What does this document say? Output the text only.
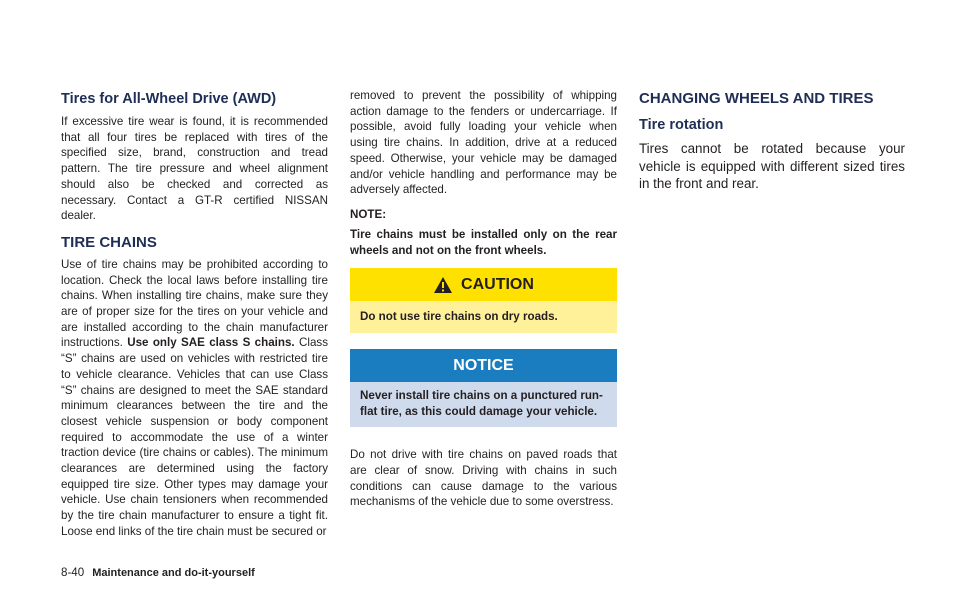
Tires for All-Wheel Drive (AWD)

If excessive tire wear is found, it is recommended that all four tires be replaced with tires of the specified size, brand, construction and tread pattern. The tire pressure and wheel alignment should also be checked and corrected as necessary. Contact a GT-R certified NISSAN dealer.

TIRE CHAINS

Use of tire chains may be prohibited according to location. Check the local laws before installing tire chains. When installing tire chains, make sure they are of proper size for the tires on your vehicle and are installed according to the chain manufacturer instructions. Use only SAE class S chains. Class “S” chains are used on vehicles with restricted tire to vehicle clearance. Vehicles that can use Class “S” chains are designed to meet the SAE standard minimum clearances between the tire and the closest vehicle suspension or body component required to accommodate the use of a winter traction device (tire chains or cables). The minimum clearances are determined using the factory equipped tire size. Other types may damage your vehicle. Use chain tensioners when recommended by the tire chain manufacturer to ensure a tight fit. Loose end links of the tire chain must be secured or

removed to prevent the possibility of whipping action damage to the fenders or undercarriage. If possible, avoid fully loading your vehicle when using tire chains. In addition, drive at a reduced speed. Otherwise, your vehicle may be damaged and/or vehicle handling and performance may be adversely affected.

NOTE:

Tire chains must be installed only on the rear wheels and not on the front wheels.

CAUTION
Do not use tire chains on dry roads.
NOTICE
Never install tire chains on a punctured run-flat tire, as this could damage your vehicle.

Do not drive with tire chains on paved roads that are clear of snow. Driving with chains in such conditions can cause damage to the various mechanisms of the vehicle due to some overstress.

CHANGING WHEELS AND TIRES
Tire rotation

Tires cannot be rotated because your vehicle is equipped with different sized tires in the front and rear.

8-40 Maintenance and do-it-yourself
